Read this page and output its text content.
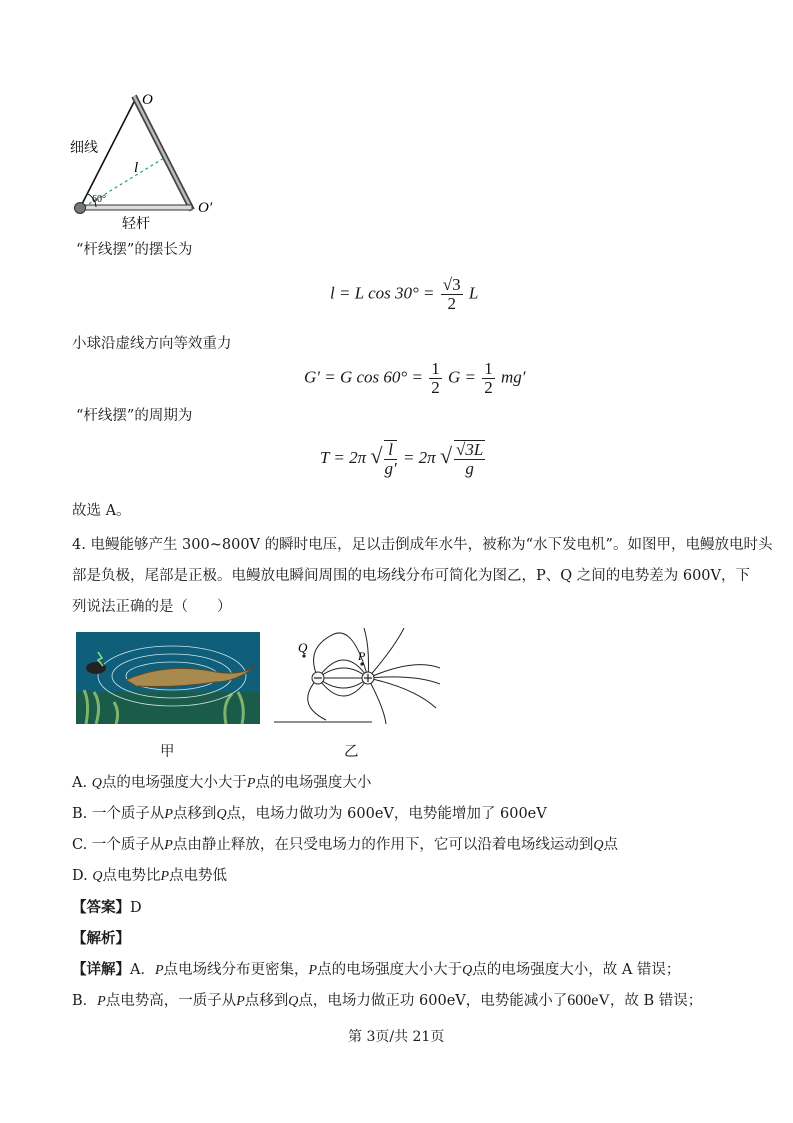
O
O′
细线
轻杆
l
60°
“杆线摆”的摆长为
l = L $\cos 30^\circ = \frac{√3}{2}$ L
小球沿虚线方向等效重力
G′ = G $\cos 60^\circ = \frac{1}{2}$ $G = \frac{1}{2} mg'$
“杆线摆”的周期为
T = 2π √ $\frac{l}{g'} = 2\pi$ √ $\frac{√3L}{g}$
故选 A。
4. 电鳗能够产生 300~800V 的瞬时电压，足以击倒成年水牛，被称为“水下发电机”。如图甲，电鳗放电时头
部是负极，尾部是正极。电鳗放电瞬间周围的电场线分布可简化为图乙，P、Q 之间的电势差为 600V，下
列说法正确的是（　　）
Q
P
甲	乙
A. Q点的电场强度大小大于P点的电场强度大小
B. 一个质子从P点移到Q点，电场力做功为 600eV，电势能增加了 600eV
C. 一个质子从P点由静止释放，在只受电场力的作用下，它可以沿着电场线运动到Q点
D. Q点电势比P点电势低
【答案】D
【解析】
【详解】A．P点电场线分布更密集，P点的电场强度大小大于Q点的电场强度大小，故 A 错误；
B．P点电势高，一质子从P点移到Q点，电场力做正功 600eV，电势能减小了600eV，故 B 错误；
第 3页/共 21页
